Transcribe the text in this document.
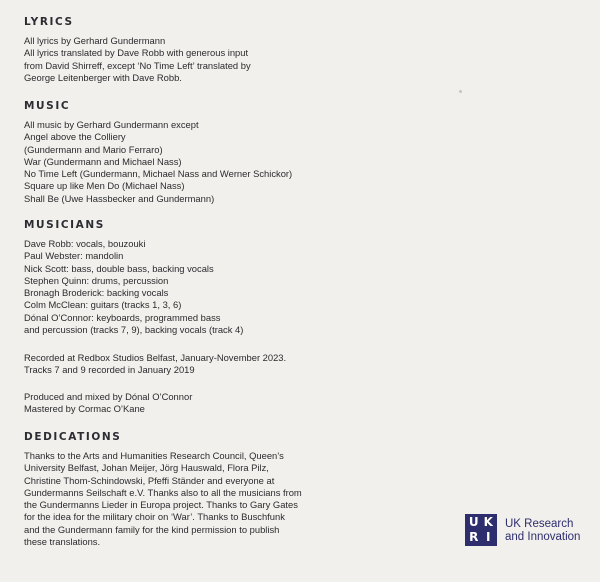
LYRICS
All lyrics by Gerhard Gundermann
All lyrics translated by Dave Robb with generous input
from David Shirreff, except ‘No Time Left’ translated by
George Leitenberger with Dave Robb.
MUSIC
All music by Gerhard Gundermann except
Angel above the Colliery
(Gundermann and Mario Ferraro)
War (Gundermann and Michael Nass)
No Time Left (Gundermann, Michael Nass and Werner Schickor)
Square up like Men Do (Michael Nass)
Shall Be (Uwe Hassbecker and Gundermann)
MUSICIANS
Dave Robb: vocals, bouzouki
Paul Webster: mandolin
Nick Scott: bass, double bass, backing vocals
Stephen Quinn: drums, percussion
Bronagh Broderick: backing vocals
Colm McClean: guitars (tracks 1, 3, 6)
Dónal O’Connor: keyboards, programmed bass
and percussion (tracks 7, 9), backing vocals (track 4)
Recorded at Redbox Studios Belfast, January-November 2023.
Tracks 7 and 9 recorded in January 2019
Produced and mixed by Dónal O’Connor
Mastered by Cormac O’Kane
DEDICATIONS
Thanks to the Arts and Humanities Research Council, Queen’s
University Belfast, Johan Meijer, Jörg Hauswald, Flora Pilz,
Christine Thom-Schindowski, Pfeffi Ständer and everyone at
Gundermanns Seilschaft e.V. Thanks also to all the musicians from
the Gundermanns Lieder in Europa project. Thanks to Gary Gates
for the idea for the military choir on ‘War’. Thanks to Buschfunk
and the Gundermann family for the kind permission to publish
these translations.
U K
R I
UK Research
and Innovation
